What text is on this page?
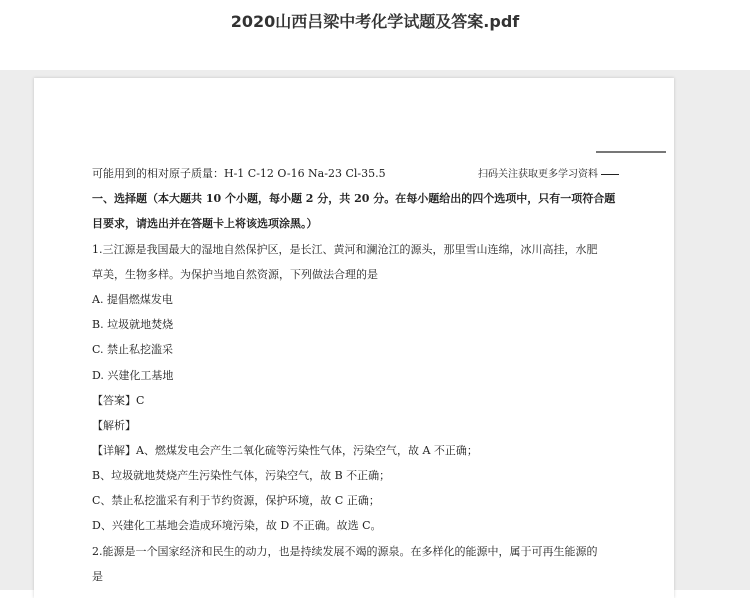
2020山西吕梁中考化学试题及答案.pdf
扫码关注获取更多学习资料
可能用到的相对原子质量：H-1 C-12 O-16 Na-23 Cl-35.5
一、选择题（本大题共 10 个小题，每小题 2 分，共 20 分。在每小题给出的四个选项中，只有一项符合题
目要求，请选出并在答题卡上将该选项涂黑。）
1.三江源是我国最大的湿地自然保护区，是长江、黄河和澜沧江的源头，那里雪山连绵，冰川高挂，水肥
草美，生物多样。为保护当地自然资源，下列做法合理的是
A. 提倡燃煤发电
B. 垃圾就地焚烧
C. 禁止私挖滥采
D. 兴建化工基地
【答案】C
【解析】
【详解】A、燃煤发电会产生二氧化硫等污染性气体，污染空气，故 A 不正确；
B、垃圾就地焚烧产生污染性气体，污染空气，故 B 不正确；
C、禁止私挖滥采有利于节约资源，保护环境，故 C 正确；
D、兴建化工基地会造成环境污染，故 D 不正确。故选 C。
2.能源是一个国家经济和民生的动力，也是持续发展不竭的源泉。在多样化的能源中，属于可再生能源的
是
